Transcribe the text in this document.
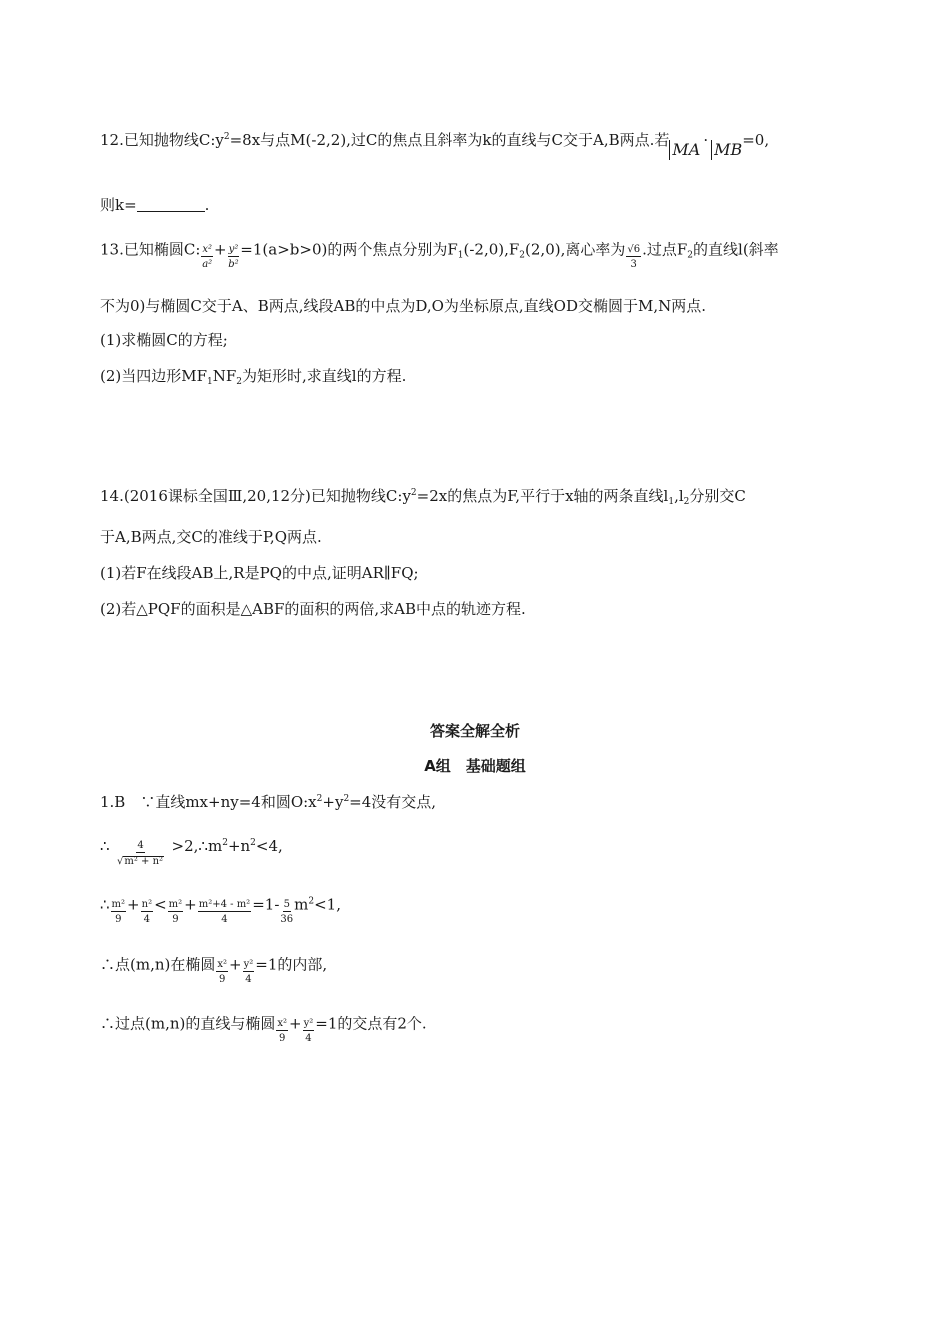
12.已知抛物线$C:y^2=8x$与点M(-2,2),过C的焦点且斜率为k的直线与C交于A,B两点.若 MA · MB=0,
则k=	.
13.已知椭圆C: $\frac{\text{x²}}{\text{a²}} + \frac{\text{y²}}{\text{b²}} =1(a>b>0)$的两个焦点分别为$F_1(-2,0),F_2(2,0)$,离心率为 $\frac{√6}{3}$ .过点$F_2$的直线l(斜率
不为0)与椭圆C交于A、B两点,线段AB的中点为D,O为坐标原点,直线OD交椭圆于M,N两点.
(1)求椭圆C的方程;
(2)当四边形$MF_1NF_2$为矩形时,求直线l的方程.
14.(2016课标全国Ⅲ,20,12分)已知抛物线$C:y^2=2x$的焦点为F,平行于x轴的两条直线$l_1,l_2$分别交C
于A,B两点,交C的准线于P,Q两点.
(1)若F在线段AB上,R是PQ的中点,证明AR∥FQ;
(2)若△PQF的面积是△ABF的面积的两倍,求AB中点的轨迹方程.
答案全解全析
A组　基础题组
1.B　∵直线mx+ny=4和圆$O:x^2+y^2=4$没有交点,
∴ $\frac{4}{\text{√m² + n²}}$ $>2,\therefore m^2+n^2<4$,
∴ $\frac{\text{m²}}{9} + \frac{\text{n²}}{4} < \frac{\text{m²}}{9} + \frac{\text{m²+4 - m²}}{4} =1- \frac{5}{36} m^2<1$,
∴点(m,n)在椭圆 $\frac{\text{x²}}{9} + \frac{\text{y²}}{4} =1$的内部,
∴过点(m,n)的直线与椭圆 $\frac{\text{x²}}{9} + \frac{\text{y²}}{4} =1$的交点有2个.
